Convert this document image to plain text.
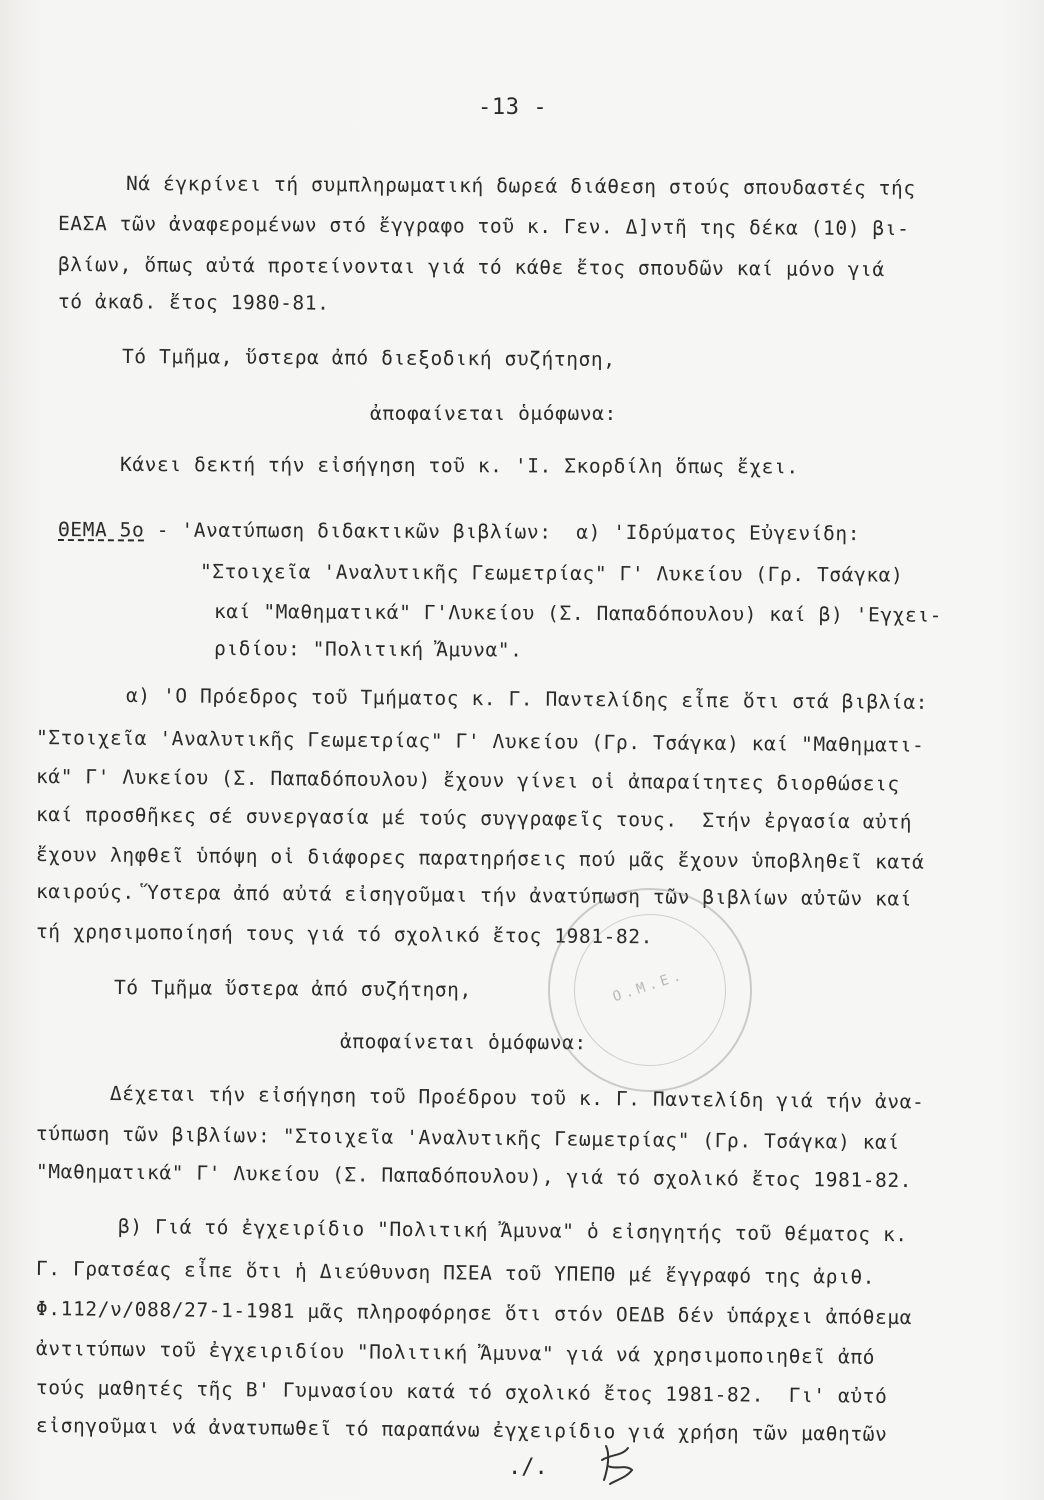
-13 -
Νά έγκρίνει τή συμπληρωματική δωρεά διάθεση στούς σπουδαστές τής
ΕΑΣΑ τῶν ἀναφερομένων στό ἔγγραφο τοῦ κ. Γεν. Δ]ντῆ της δέκα (10) βι-
βλίων, ὅπως αὐτά προτείνονται γιά τό κάθε ἔτος σπουδῶν καί μόνο γιά
τό ἀκαδ. ἔτος 1980-81.
Τό Τμῆμα, ὕστερα ἀπό διεξοδική συζήτηση,
ἀποφαίνεται ὁμόφωνα:
Κάνει δεκτή τήν εἰσήγηση τοῦ κ. 'Ι. Σκορδίλη ὅπως ἔχει.
ΘΕΜΑ 5ο - 'Ανατύπωση διδακτικῶν βιβλίων:  α) 'Ιδρύματος Εὐγενίδη:
"Στοιχεῖα 'Αναλυτικῆς Γεωμετρίας" Γ' Λυκείου (Γρ. Τσάγκα)
καί "Μαθηματικά" Γ'Λυκείου (Σ. Παπαδόπουλου) καί β) 'Εγχει-
ριδίου: "Πολιτική Ἄμυνα".
α) 'Ο Πρόεδρος τοῦ Τμήματος κ. Γ. Παντελίδης εἶπε ὅτι στά βιβλία:
"Στοιχεῖα 'Αναλυτικῆς Γεωμετρίας" Γ' Λυκείου (Γρ. Τσάγκα) καί "Μαθηματι-
κά" Γ' Λυκείου (Σ. Παπαδόπουλου) ἔχουν γίνει οἱ ἀπαραίτητες διορθώσεις
καί προσθῆκες σέ συνεργασία μέ τούς συγγραφεῖς τους.  Στήν ἐργασία αὐτή
ἔχουν ληφθεῖ ὑπόψη οἱ διάφορες παρατηρήσεις πού μᾶς ἔχουν ὑποβληθεῖ κατά
καιρούς. Ὕστερα ἀπό αὐτά εἰσηγοῦμαι τήν ἀνατύπωση τῶν βιβλίων αὐτῶν καί
τή χρησιμοποίησή τους γιά τό σχολικό ἔτος 1981-82.
Τό Τμῆμα ὕστερα ἀπό συζήτηση,
ἀποφαίνεται ὁμόφωνα:
Δέχεται τήν εἰσήγηση τοῦ Προέδρου τοῦ κ. Γ. Παντελίδη γιά τήν ἀνα-
τύπωση τῶν βιβλίων: "Στοιχεῖα 'Αναλυτικῆς Γεωμετρίας" (Γρ. Τσάγκα) καί
"Μαθηματικά" Γ' Λυκείου (Σ. Παπαδόπουλου), γιά τό σχολικό ἔτος 1981-82.
β) Γιά τό ἐγχειρίδιο "Πολιτική Ἄμυνα" ὁ εἰσηγητής τοῦ θέματος κ.
Γ. Γρατσέας εἶπε ὅτι ἡ Διεύθυνση ΠΣΕΑ τοῦ ΥΠΕΠΘ μέ ἔγγραφό της ἀριθ.
Φ.112/ν/088/27-1-1981 μᾶς πληροφόρησε ὅτι στόν ΟΕΔΒ δέν ὑπάρχει ἀπόθεμα
ἀντιτύπων τοῦ ἐγχειριδίου "Πολιτική Ἄμυνα" γιά νά χρησιμοποιηθεῖ ἀπό
τούς μαθητές τῆς Β' Γυμνασίου κατά τό σχολικό ἔτος 1981-82.  Γι' αὐτό
εἰσηγοῦμαι νά ἀνατυπωθεῖ τό παραπάνω ἐγχειρίδιο γιά χρήση τῶν μαθητῶν
Ο.Μ.Ε.
./.
